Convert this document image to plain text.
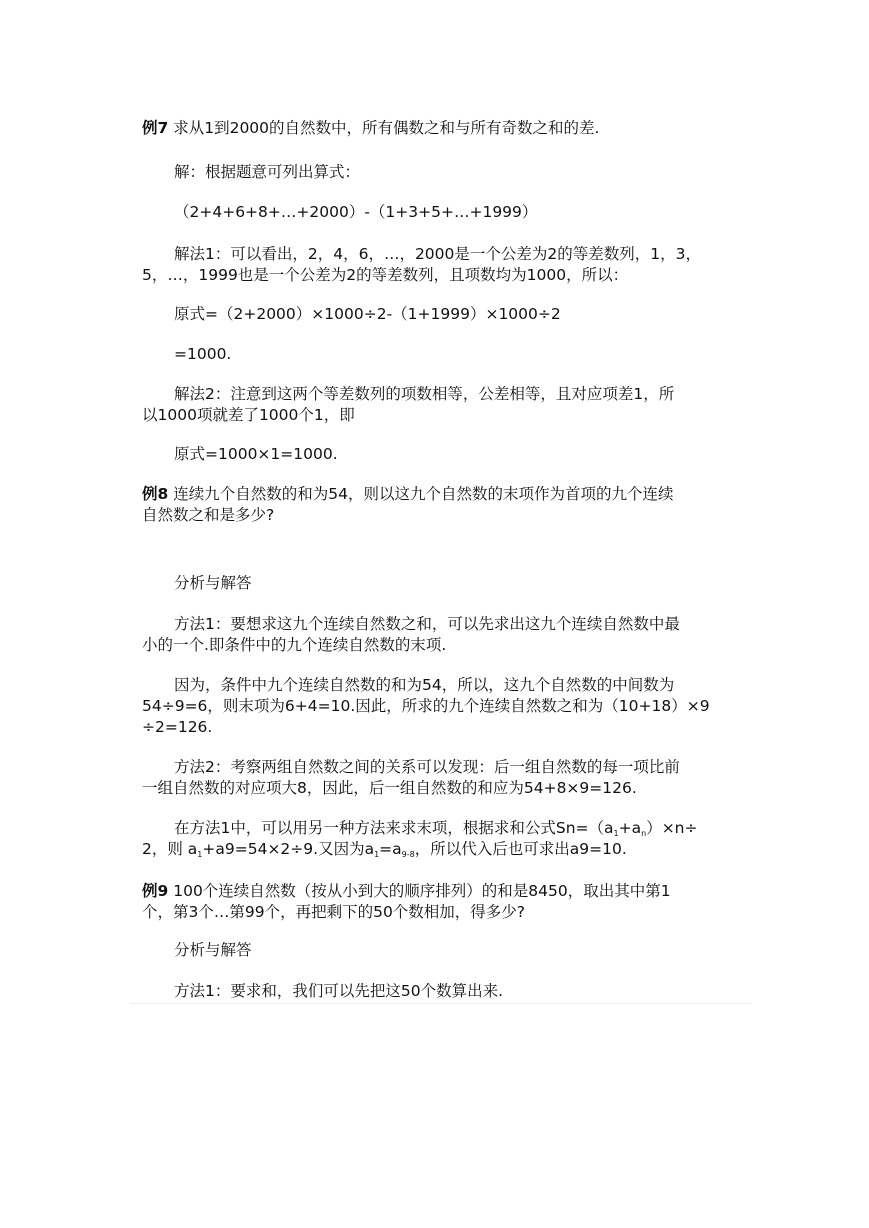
例7 求从1到2000的自然数中，所有偶数之和与所有奇数之和的差.
解：根据题意可列出算式：
（2+4+6+8+…+2000）-（1+3+5+…+1999）
解法1：可以看出，2，4，6，…，2000是一个公差为2的等差数列，1，3，
5，…，1999也是一个公差为2的等差数列，且项数均为1000，所以：
原式=（2+2000）×1000÷2-（1+1999）×1000÷2
=1000.
解法2：注意到这两个等差数列的项数相等，公差相等，且对应项差1，所
以1000项就差了1000个1，即
原式=1000×1=1000.
例8 连续九个自然数的和为54，则以这九个自然数的末项作为首项的九个连续
自然数之和是多少?
分析与解答
方法1：要想求这九个连续自然数之和，可以先求出这九个连续自然数中最
小的一个.即条件中的九个连续自然数的末项.
因为，条件中九个连续自然数的和为54，所以，这九个自然数的中间数为
54÷9=6，则末项为6+4=10.因此，所求的九个连续自然数之和为（10+18）×9
÷2=126.
方法2：考察两组自然数之间的关系可以发现：后一组自然数的每一项比前
一组自然数的对应项大8，因此，后一组自然数的和应为54+8×9=126.
在方法1中，可以用另一种方法来求末项，根据求和公式$Sn=(a_1+a_n)\times n\div$
2，则 $a_1+a9=54\times 2\div 9$.又因为$a_1=a_{9-8}$，所以代入后也可求出a9=10.
例9 100个连续自然数（按从小到大的顺序排列）的和是8450，取出其中第1
个，第3个…第99个，再把剩下的50个数相加，得多少?
分析与解答
方法1：要求和，我们可以先把这50个数算出来.
